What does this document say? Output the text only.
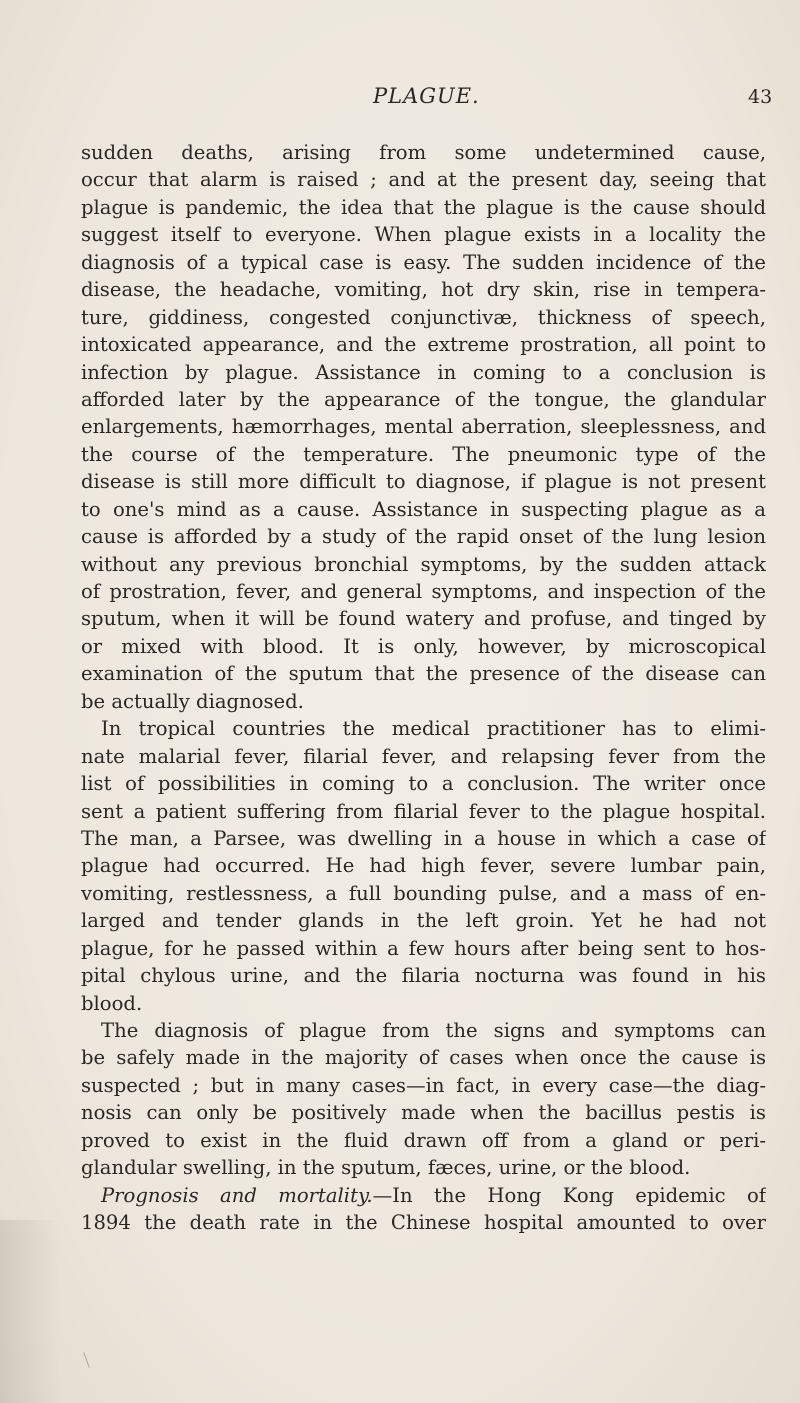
PLAGUE.	43
sudden deaths, arising from some undetermined cause,
occur that alarm is raised ; and at the present day, seeing that
plague is pandemic, the idea that the plague is the cause should
suggest itself to everyone. When plague exists in a locality the
diagnosis of a typical case is easy. The sudden incidence of the
disease, the headache, vomiting, hot dry skin, rise in tempera-
ture, giddiness, congested conjunctivæ, thickness of speech,
intoxicated appearance, and the extreme prostration, all point to
infection by plague. Assistance in coming to a conclusion is
afforded later by the appearance of the tongue, the glandular
enlargements, hæmorrhages, mental aberration, sleeplessness, and
the course of the temperature. The pneumonic type of the
disease is still more difficult to diagnose, if plague is not present
to one's mind as a cause. Assistance in suspecting plague as a
cause is afforded by a study of the rapid onset of the lung lesion
without any previous bronchial symptoms, by the sudden attack
of prostration, fever, and general symptoms, and inspection of the
sputum, when it will be found watery and profuse, and tinged by
or mixed with blood. It is only, however, by microscopical
examination of the sputum that the presence of the disease can
be actually diagnosed.
In tropical countries the medical practitioner has to elimi-
nate malarial fever, filarial fever, and relapsing fever from the
list of possibilities in coming to a conclusion. The writer once
sent a patient suffering from filarial fever to the plague hospital.
The man, a Parsee, was dwelling in a house in which a case of
plague had occurred. He had high fever, severe lumbar pain,
vomiting, restlessness, a full bounding pulse, and a mass of en-
larged and tender glands in the left groin. Yet he had not
plague, for he passed within a few hours after being sent to hos-
pital chylous urine, and the filaria nocturna was found in his
blood.
The diagnosis of plague from the signs and symptoms can
be safely made in the majority of cases when once the cause is
suspected ; but in many cases—in fact, in every case—the diag-
nosis can only be positively made when the bacillus pestis is
proved to exist in the fluid drawn off from a gland or peri-
glandular swelling, in the sputum, fæces, urine, or the blood.
Prognosis and mortality.—In the Hong Kong epidemic of
1894 the death rate in the Chinese hospital amounted to over
